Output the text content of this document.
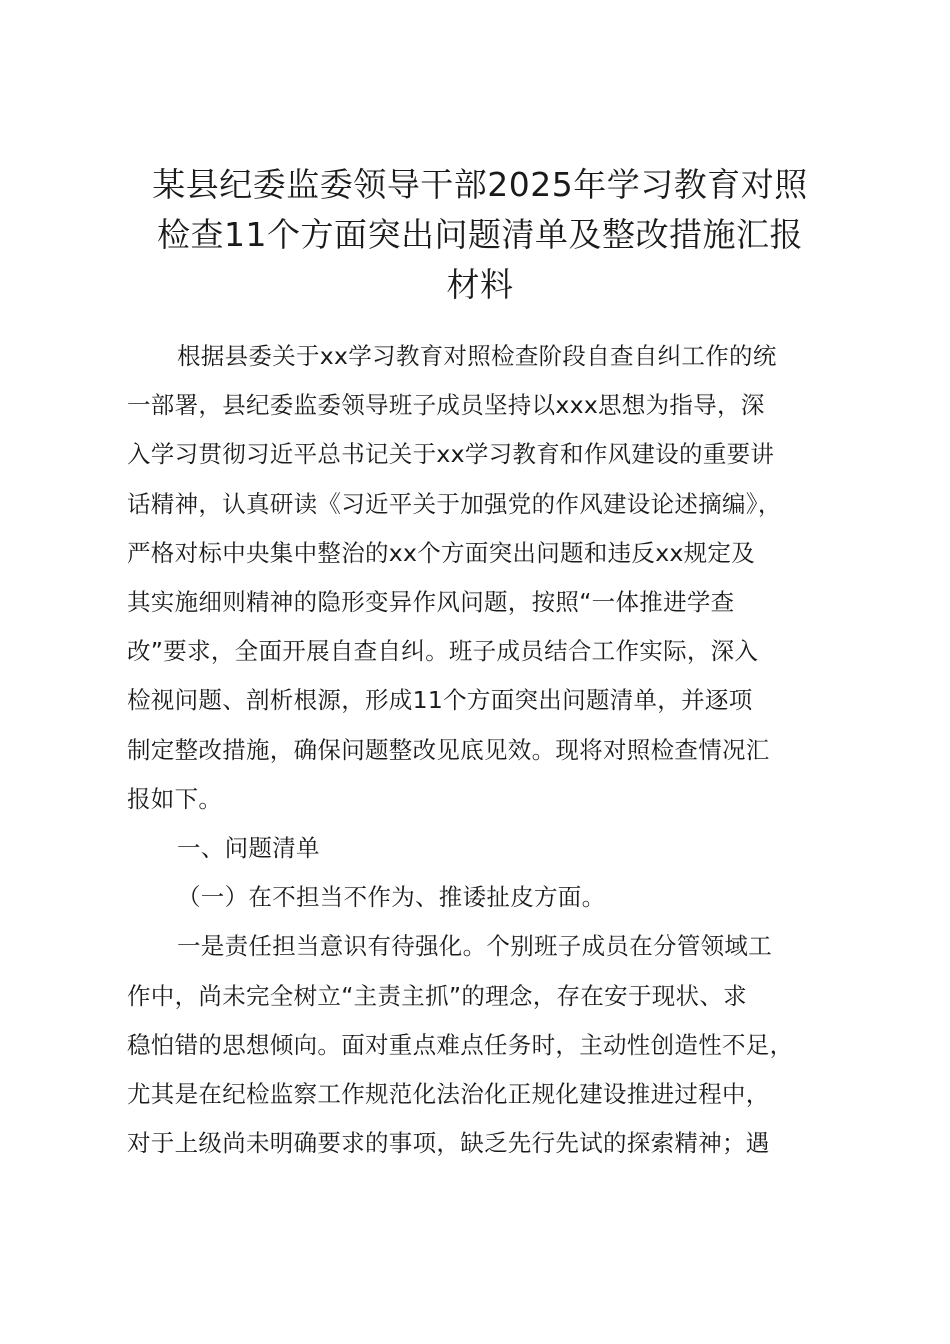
某县纪委监委领导干部2025年学习教育对照
检查11个方面突出问题清单及整改措施汇报
材料
根据县委关于xx学习教育对照检查阶段自查自纠工作的统
一部署，县纪委监委领导班子成员坚持以xxx思想为指导，深
入学习贯彻习近平总书记关于xx学习教育和作风建设的重要讲
话精神，认真研读《习近平关于加强党的作风建设论述摘编》，
严格对标中央集中整治的xx个方面突出问题和违反xx规定及
其实施细则精神的隐形变异作风问题，按照“一体推进学查
改”要求，全面开展自查自纠。班子成员结合工作实际，深入
检视问题、剖析根源，形成11个方面突出问题清单，并逐项
制定整改措施，确保问题整改见底见效。现将对照检查情况汇
报如下。
一、问题清单
（一）在不担当不作为、推诿扯皮方面。
一是责任担当意识有待强化。个别班子成员在分管领域工
作中，尚未完全树立“主责主抓”的理念，存在安于现状、求
稳怕错的思想倾向。面对重点难点任务时，主动性创造性不足，
尤其是在纪检监察工作规范化法治化正规化建设推进过程中，
对于上级尚未明确要求的事项，缺乏先行先试的探索精神；遇
